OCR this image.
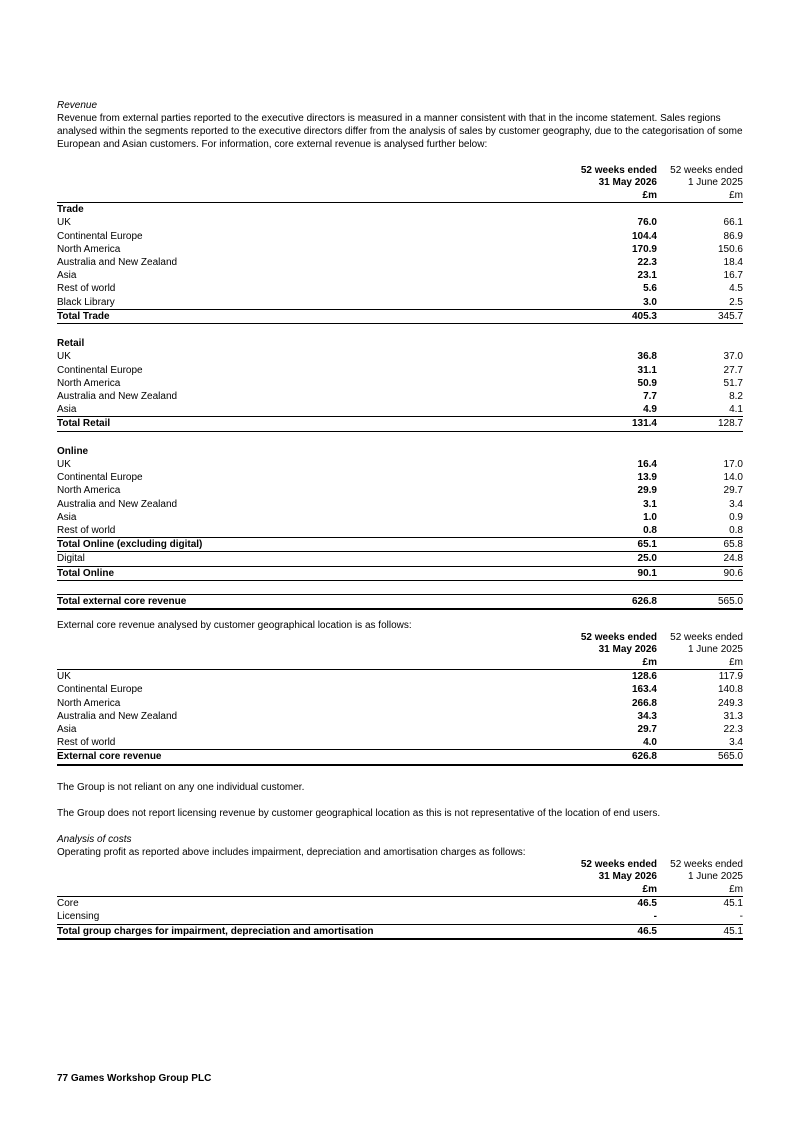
Revenue
Revenue from external parties reported to the executive directors is measured in a manner consistent with that in the income statement. Sales regions
analysed within the segments reported to the executive directors differ from the analysis of sales by customer geography, due to the categorisation of some
European and Asian customers. For information, core external revenue is analysed further below:
	52 weeks ended	52 weeks ended
	31 May 2026	1 June 2025
	£m	£m
Trade		
UK	76.0	66.1
Continental Europe	104.4	86.9
North America	170.9	150.6
Australia and New Zealand	22.3	18.4
Asia	23.1	16.7
Rest of world	5.6	4.5
Black Library	3.0	2.5
Total Trade	405.3	345.7

Retail		
UK	36.8	37.0
Continental Europe	31.1	27.7
North America	50.9	51.7
Australia and New Zealand	7.7	8.2
Asia	4.9	4.1
Total Retail	131.4	128.7

Online		
UK	16.4	17.0
Continental Europe	13.9	14.0
North America	29.9	29.7
Australia and New Zealand	3.1	3.4
Asia	1.0	0.9
Rest of world	0.8	0.8
Total Online (excluding digital)	65.1	65.8
Digital	25.0	24.8
Total Online	90.1	90.6

Total external core revenue	626.8	565.0
External core revenue analysed by customer geographical location is as follows:
	52 weeks ended	52 weeks ended
	31 May 2026	1 June 2025
	£m	£m
UK	128.6	117.9
Continental Europe	163.4	140.8
North America	266.8	249.3
Australia and New Zealand	34.3	31.3
Asia	29.7	22.3
Rest of world	4.0	3.4
External core revenue	626.8	565.0
The Group is not reliant on any one individual customer.
The Group does not report licensing revenue by customer geographical location as this is not representative of the location of end users.
Analysis of costs
Operating profit as reported above includes impairment, depreciation and amortisation charges as follows:
	52 weeks ended	52 weeks ended
	31 May 2026	1 June 2025
	£m	£m
Core	46.5	45.1
Licensing	-	-
Total group charges for impairment, depreciation and amortisation	46.5	45.1
77 Games Workshop Group PLC
